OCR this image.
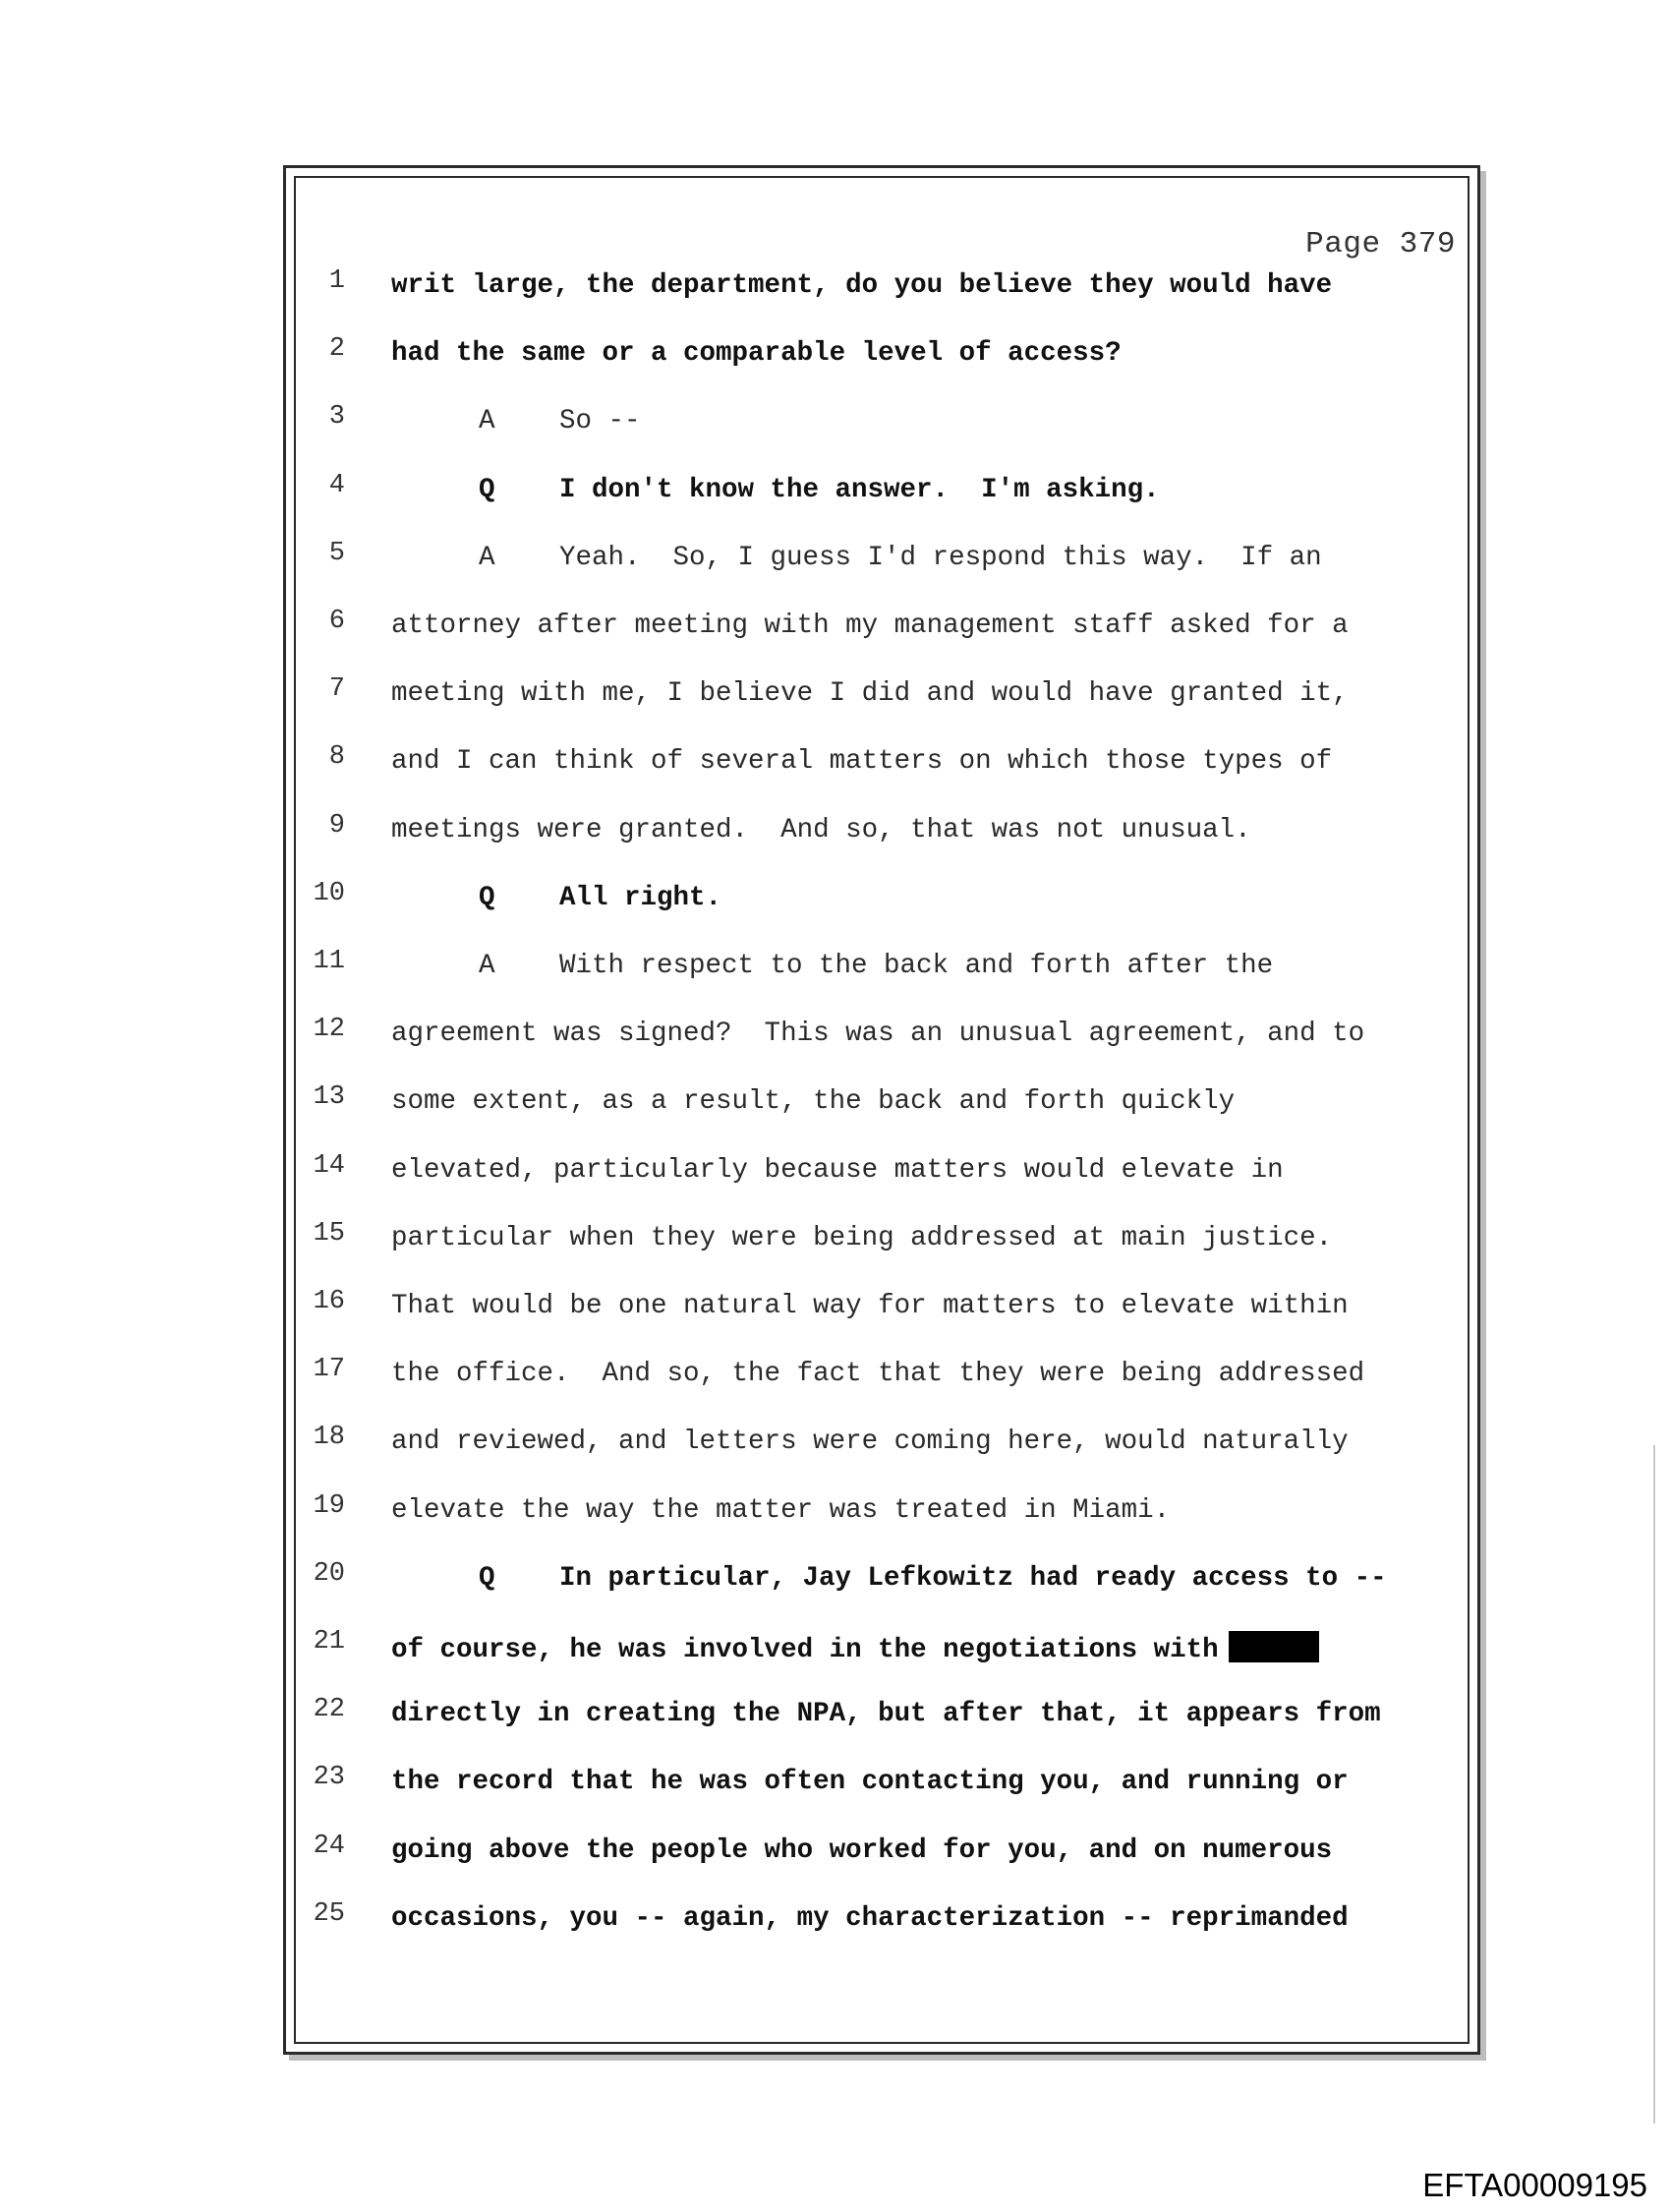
Page 379
1 writ large, the department, do you believe they would have
2 had the same or a comparable level of access?
3	A So --
4	Q I don't know the answer.  I'm asking.
5	A Yeah.  So, I guess I'd respond this way.  If an
6 attorney after meeting with my management staff asked for a
7 meeting with me, I believe I did and would have granted it,
8 and I can think of several matters on which those types of
9 meetings were granted.  And so, that was not unusual.
10	Q All right.
11	A With respect to the back and forth after the
12 agreement was signed?  This was an unusual agreement, and to
13 some extent, as a result, the back and forth quickly
14 elevated, particularly because matters would elevate in
15 particular when they were being addressed at main justice.
16 That would be one natural way for matters to elevate within
17 the office.  And so, the fact that they were being addressed
18 and reviewed, and letters were coming here, would naturally
19 elevate the way the matter was treated in Miami.
20	Q In particular, Jay Lefkowitz had ready access to --
21 of course, he was involved in the negotiations with
22 directly in creating the NPA, but after that, it appears from
23 the record that he was often contacting you, and running or
24 going above the people who worked for you, and on numerous
25 occasions, you -- again, my characterization -- reprimanded
EFTA00009195
